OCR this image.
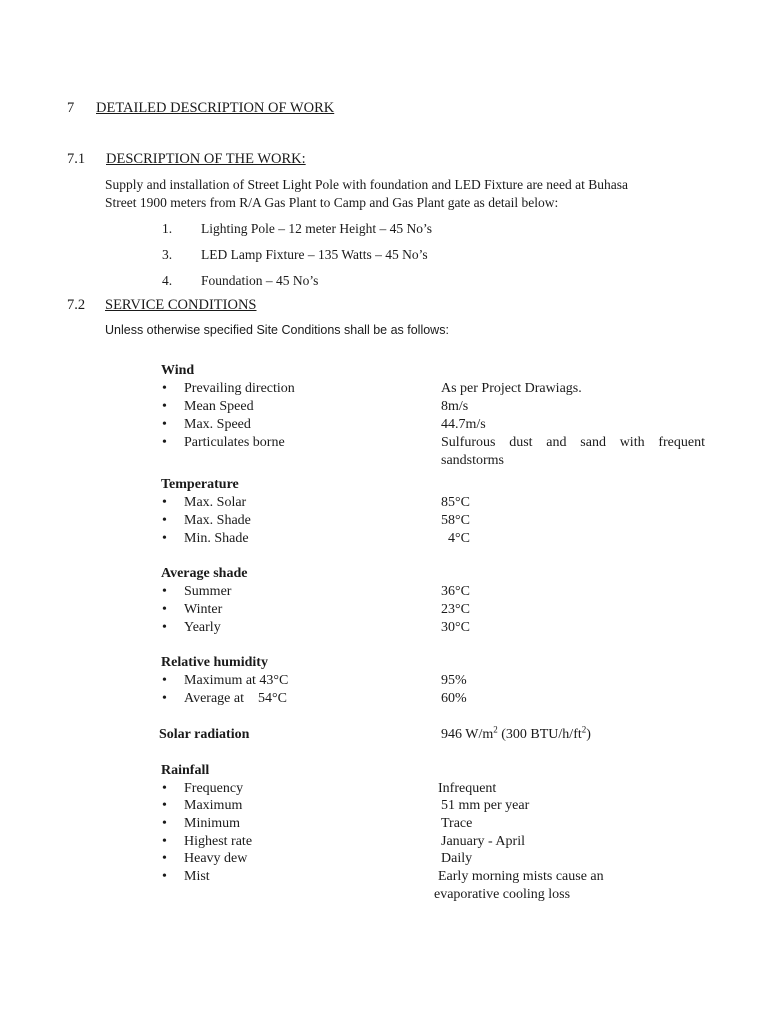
7 DETAILED DESCRIPTION OF WORK
7.1 DESCRIPTION OF THE WORK:
Supply and installation of Street Light Pole with foundation and LED Fixture are need at Buhasa
Street 1900 meters from R/A Gas Plant to Camp and Gas Plant gate as detail below:
1. Lighting Pole – 12 meter Height – 45 No’s
3. LED Lamp Fixture – 135 Watts – 45 No’s
4. Foundation – 45 No’s
7.2 SERVICE CONDITIONS
Unless otherwise specified Site Conditions shall be as follows:
Wind
• Prevailing direction	As per Project Drawiags.
• Mean Speed	8m/s
• Max. Speed	44.7m/s
• Particulates borne	Sulfurous dust and sand with frequent
sandstorms
Temperature
• Max. Solar	85°C
• Max. Shade	58°C
• Min. Shade	4°C
Average shade
• Summer	36°C
• Winter	23°C
• Yearly	30°C
Relative humidity
• Maximum at 43°C	95%
• Average at    54°C	60%
Solar radiation	946 $W/m^2$ (300 BTU/$h/ft^2$)
Rainfall
• Frequency	Infrequent
• Maximum	51 mm per year
• Minimum	Trace
• Highest rate	January - April
• Heavy dew	Daily
• Mist	Early morning mists cause an
evaporative cooling loss
